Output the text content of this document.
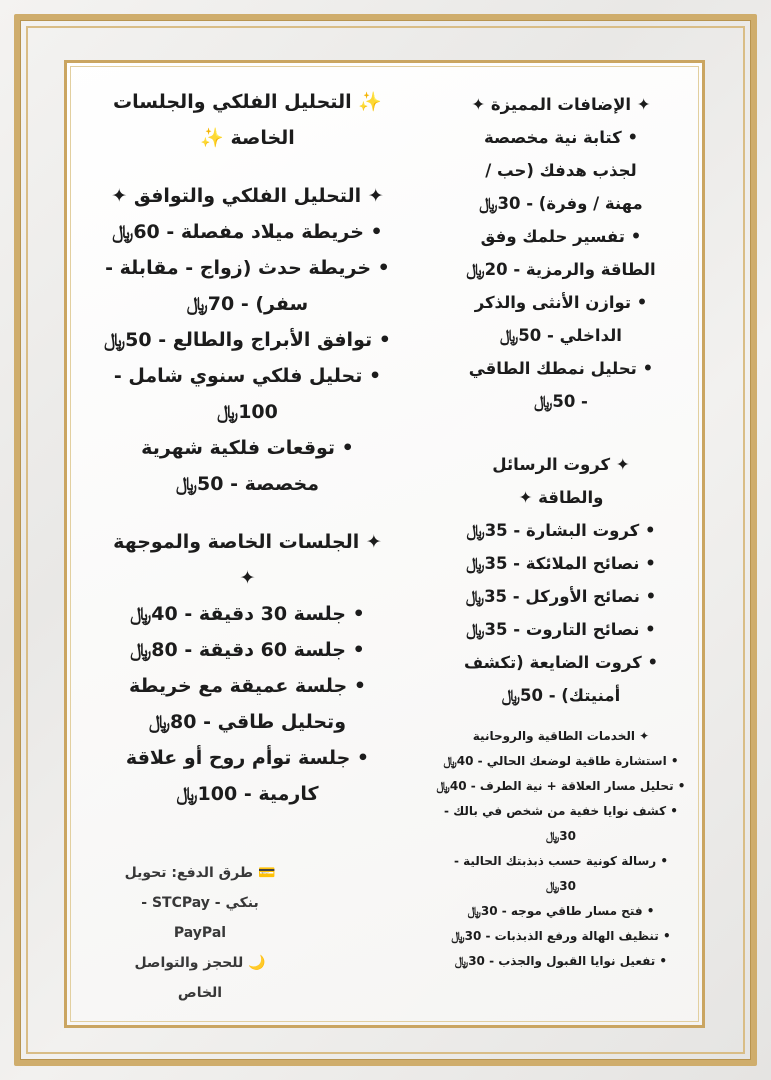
✨ التحليل الفلكي والجلسات
الخاصة ✨
✦ التحليل الفلكي والتوافق ✦
• خريطة ميلاد مفصلة - 60﷼
• خريطة حدث (زواج - مقابلة -
سفر) - 70﷼
• توافق الأبراج والطالع - 50﷼
• تحليل فلكي سنوي شامل -
100﷼
• توقعات فلكية شهرية
مخصصة - 50﷼
✦ الجلسات الخاصة والموجهة
✦
• جلسة 30 دقيقة - 40﷼
• جلسة 60 دقيقة - 80﷼
• جلسة عميقة مع خريطة
وتحليل طاقي - 80﷼
• جلسة توأم روح أو علاقة
كارمية - 100﷼
💳 طرق الدفع: تحويل
بنكي - STCPay -
PayPal
🌙 للحجز والتواصل
الخاص
✦ الإضافات المميزة ✦
• كتابة نية مخصصة
لجذب هدفك (حب /
مهنة / وفرة) - 30﷼
• تفسير حلمك وفق
الطاقة والرمزية - 20﷼
• توازن الأنثى والذكر
الداخلي - 50﷼
• تحليل نمطك الطاقي
- 50﷼
✦ كروت الرسائل
والطاقة ✦
• كروت البشارة - 35﷼
• نصائح الملائكة - 35﷼
• نصائح الأوركل - 35﷼
• نصائح التاروت - 35﷼
• كروت الضايعة (تكشف
أمنيتك) - 50﷼
✦ الخدمات الطاقية والروحانية
• استشارة طاقية لوضعك الحالي - 40﷼
• تحليل مسار العلاقة + نية الطرف - 40﷼
• كشف نوايا خفية من شخص في بالك -
30﷼
• رسالة كونية حسب ذبذبتك الحالية -
30﷼
• فتح مسار طاقي موجه - 30﷼
• تنظيف الهالة ورفع الذبذبات - 30﷼
• تفعيل نوايا القبول والجذب - 30﷼
